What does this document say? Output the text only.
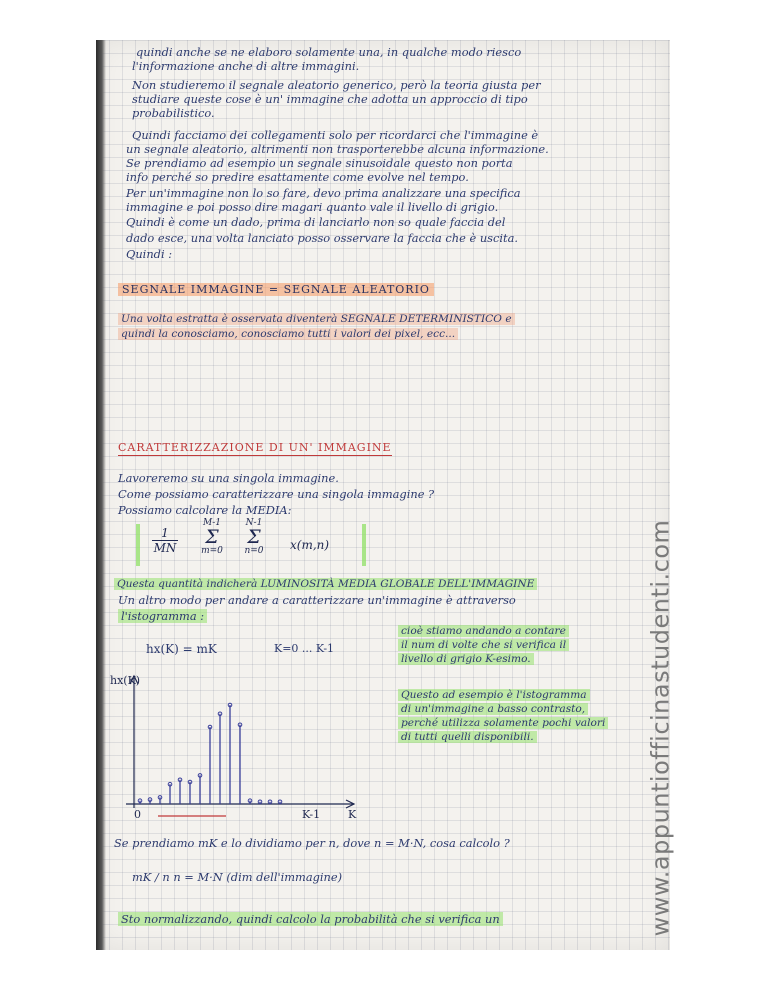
quindi anche se ne elaboro solamente una, in qualche modo riesco
l'informazione anche di altre immagini.
Non studieremo il segnale aleatorio generico, però la teoria giusta per
studiare queste cose è un' immagine che adotta un approccio di tipo
probabilistico.
Quindi facciamo dei collegamenti solo per ricordarci che l'immagine è
un segnale aleatorio, altrimenti non trasporterebbe alcuna informazione.
Se prendiamo ad esempio un segnale sinusoidale questo non porta
info perché so predire esattamente come evolve nel tempo.
Per un'immagine non lo so fare, devo prima analizzare una specifica
immagine e poi posso dire magari quanto vale il livello di grigio.
Quindi è come un dado, prima di lanciarlo non so quale faccia del
dado esce, una volta lanciato posso osservare la faccia che è uscita.
Quindi :
SEGNALE IMMAGINE = SEGNALE ALEATORIO
Una volta estratta è osservata diventerà SEGNALE DETERMINISTICO e
quindi la conosciamo, conosciamo tutti i valori dei pixel, ecc...
CARATTERIZZAZIONE DI UN' IMMAGINE
Lavoreremo su una singola immagine.
Come possiamo caratterizzare una singola immagine ?
Possiamo calcolare la MEDIA:
$\frac{1}{MN}$
M-1
Σ
m=0
N-1
Σ
n=0	x(m,n)
Questa quantità indicherà LUMINOSITÀ MEDIA GLOBALE DELL'IMMAGINE
Un altro modo per andare a caratterizzare un'immagine è attraverso
l'istogramma :
hx(K) = mK	K=0 ... K-1
cioè stiamo andando a contare
il num di volte che si verifica il
livello di grigio K-esimo.
Questo ad esempio è l'istogramma
di un'immagine a basso contrasto,
perché utilizza solamente pochi valori
di tutti quelli disponibili.
hx(K)
0	K-1	K
Se prendiamo mK e lo dividiamo per n, dove n = M·N, cosa calcolo ?
mK / n n = M·N (dim dell'immagine)
Sto normalizzando, quindi calcolo la probabilità che si verifica un	www.appuntiofficinastudenti.com
